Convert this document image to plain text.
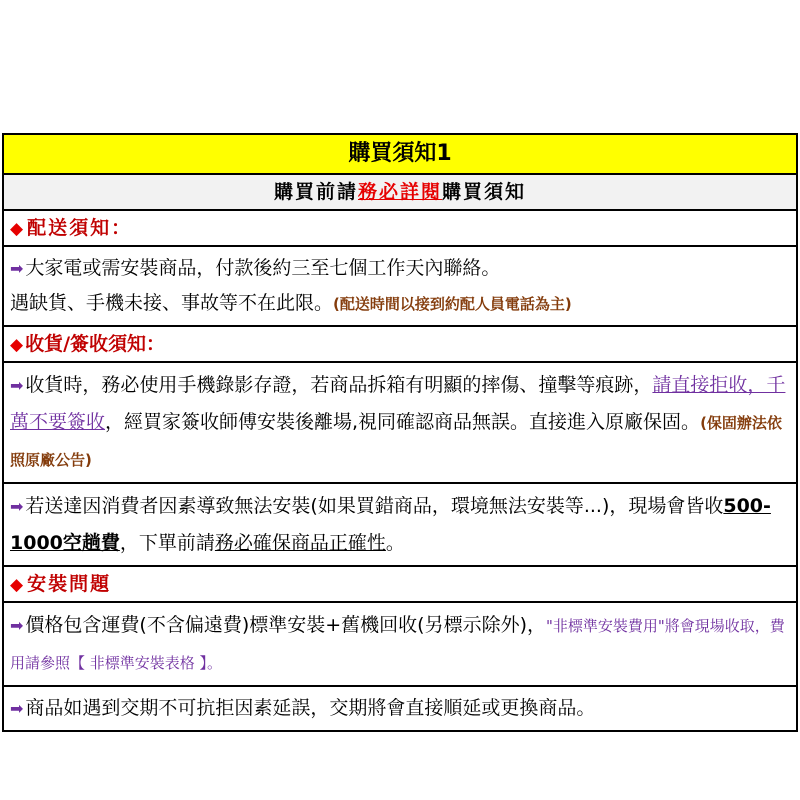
購買須知1
購買前請務必詳閱購買須知
◆ 配送須知：
➡ 大家電或需安裝商品，付款後約三至七個工作天內聯絡。
遇缺貨、手機未接、事故等不在此限。(配送時間以接到約配人員電話為主)
◆ 收貨/簽收須知：
➡ 收貨時，務必使用手機錄影存證，若商品拆箱有明顯的摔傷、撞擊等痕跡，請直接拒收，千萬不要簽收，經買家簽收師傅安裝後離場,視同確認商品無誤。直接進入原廠保固。(保固辦法依照原廠公告)
➡ 若送達因消費者因素導致無法安裝(如果買錯商品，環境無法安裝等...)，現場會皆收500-1000空趟費，下單前請務必確保商品正確性。
◆ 安裝問題
➡ 價格包含運費(不含偏遠費)標準安裝+舊機回收(另標示除外)，"非標準安裝費用"將會現場收取，費用請參照【 非標準安裝表格 】。
➡ 商品如遇到交期不可抗拒因素延誤，交期將會直接順延或更換商品。
